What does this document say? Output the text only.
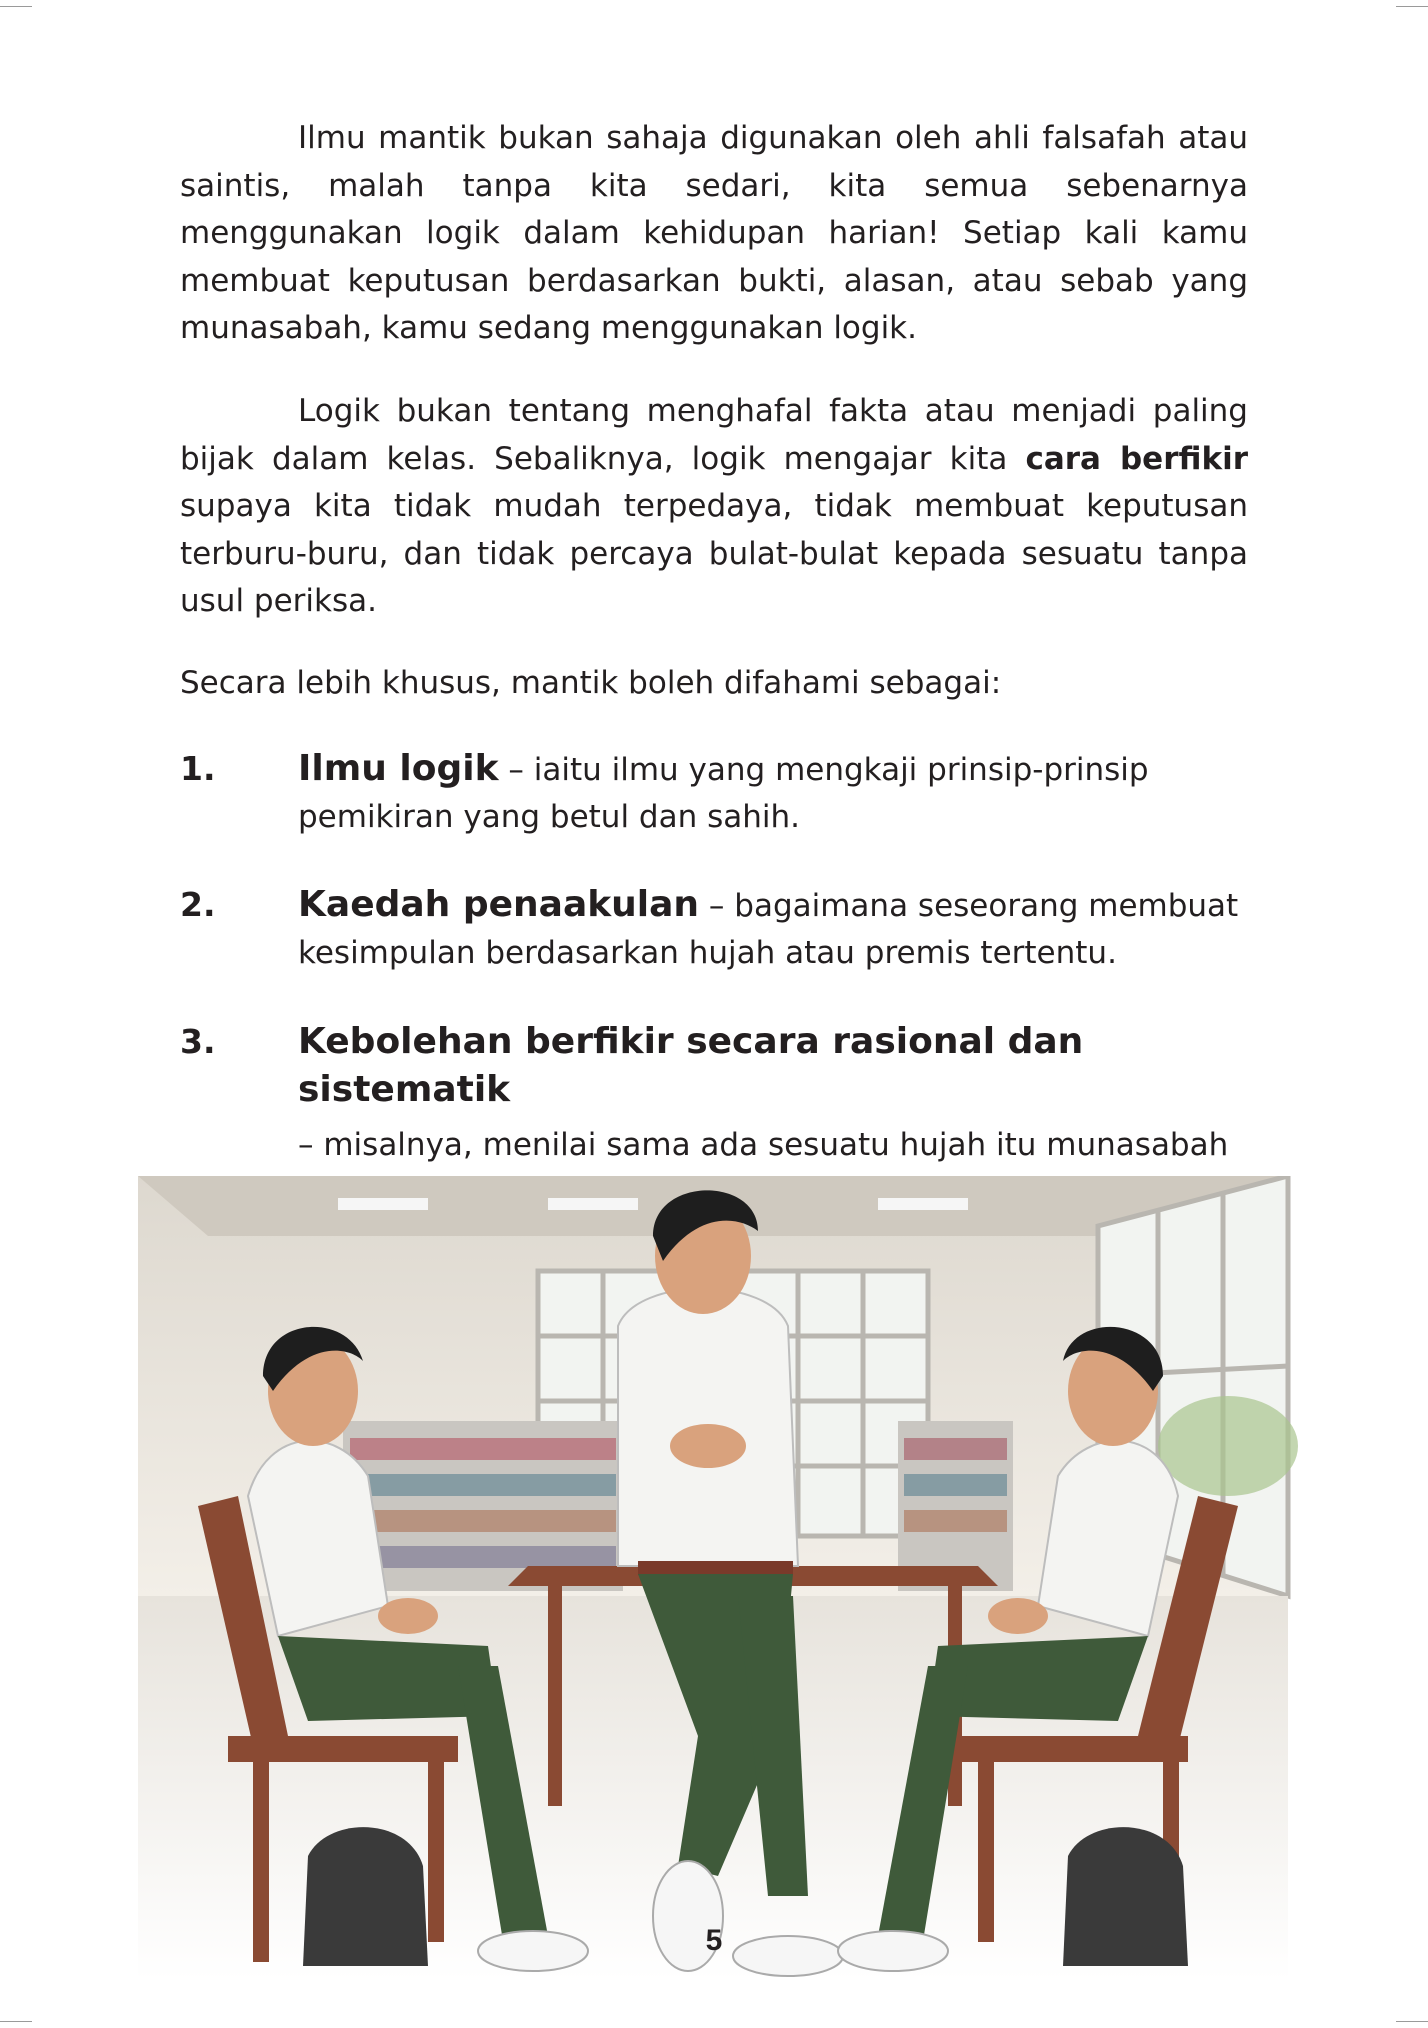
Ilmu mantik bukan sahaja digunakan oleh ahli falsafah atau saintis, malah tanpa kita sedari, kita semua sebenarnya menggunakan logik dalam kehidupan harian! Setiap kali kamu membuat keputusan berdasarkan bukti, alasan, atau sebab yang munasabah, kamu sedang menggunakan logik.

Logik bukan tentang menghafal fakta atau menjadi paling bijak dalam kelas. Sebaliknya, logik mengajar kita cara berfikir supaya kita tidak mudah terpedaya, tidak membuat keputusan terburu-buru, dan tidak percaya bulat-bulat kepada sesuatu tanpa usul periksa.

Secara lebih khusus, mantik boleh difahami sebagai:

1. Ilmu logik – iaitu ilmu yang mengkaji prinsip-prinsip pemikiran yang betul dan sahih.
2. Kaedah penaakulan – bagaimana seseorang membuat kesimpulan berdasarkan hujah atau premis tertentu.
3. Kebolehan berfikir secara rasional dan sistematik
– misalnya, menilai sama ada sesuatu hujah itu munasabah
5
